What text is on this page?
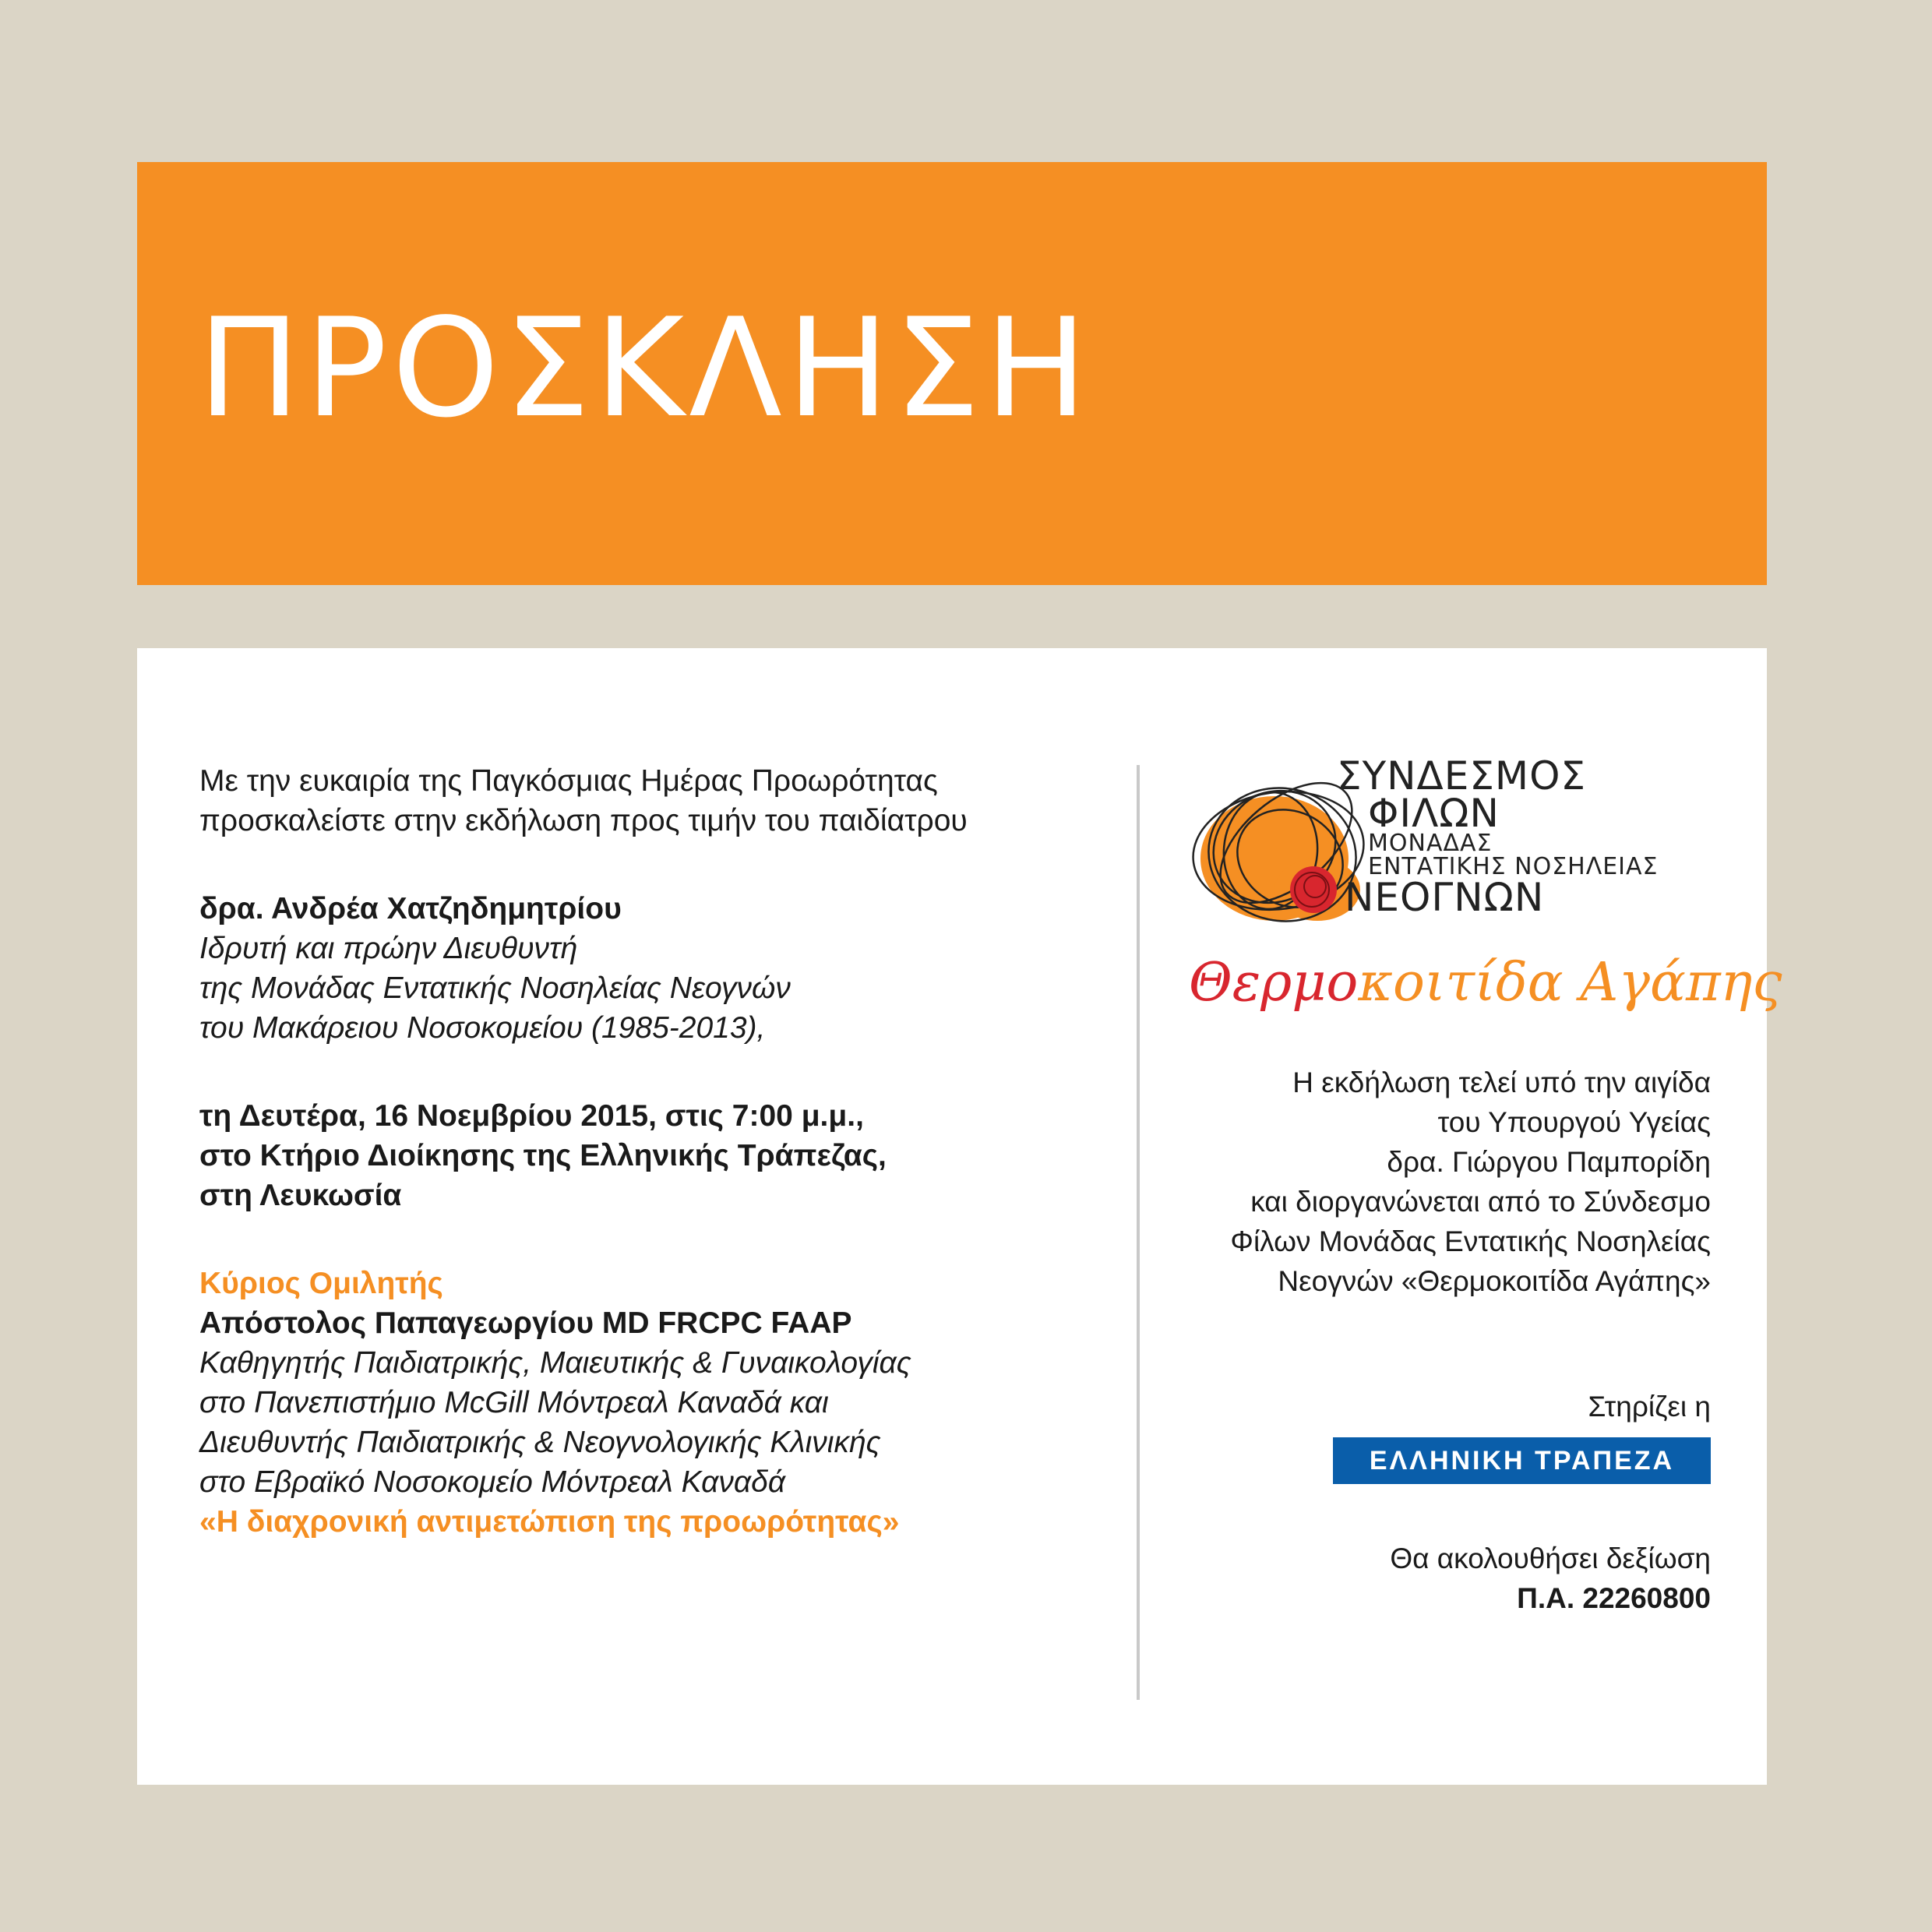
ΠΡΟΣΚΛΗΣΗ

Με την ευκαιρία της Παγκόσμιας Ημέρας Προωρότητας

προσκαλείστε στην εκδήλωση προς τιμήν του παιδίατρου

δρα. Ανδρέα Χατζηδημητρίου

Ιδρυτή και πρώην Διευθυντή

της Μονάδας Εντατικής Νοσηλείας Νεογνών

του Μακάρειου Νοσοκομείου (1985-2013),

τη Δευτέρα, 16 Νοεμβρίου 2015, στις 7:00 μ.μ.,

στο Κτήριο Διοίκησης της Ελληνικής Τράπεζας,

στη Λευκωσία

Κύριος Ομιλητής

Απόστολος Παπαγεωργίου MD FRCPC FAAP

Καθηγητής Παιδιατρικής, Μαιευτικής & Γυναικολογίας

στο Πανεπιστήμιο McGill Μόντρεαλ Καναδά και

Διευθυντής Παιδιατρικής & Νεογνολογικής Κλινικής

στο Εβραϊκό Νοσοκομείο Μόντρεαλ Καναδά

«Η διαχρονική αντιμετώπιση της προωρότητας»

ΣΥΝΔΕΣΜΟΣ
ΦΙΛΩΝ
ΜΟΝΑΔΑΣ
ΕΝΤΑΤΙΚΗΣ ΝΟΣΗΛΕΙΑΣ
ΝΕΟΓΝΩΝ
Θερμοκοιτίδα Αγάπης

Η εκδήλωση τελεί υπό την αιγίδα

του Υπουργού Υγείας

δρα. Γιώργου Παμπορίδη

και διοργανώνεται από το Σύνδεσμο

Φίλων Μονάδας Εντατικής Νοσηλείας

Νεογνών «Θερμοκοιτίδα Αγάπης»

Στηρίζει η

ΕΛΛΗΝΙΚΗ ΤΡΑΠΕΖΑ

Θα ακολουθήσει δεξίωση

Π.Α. 22260800
